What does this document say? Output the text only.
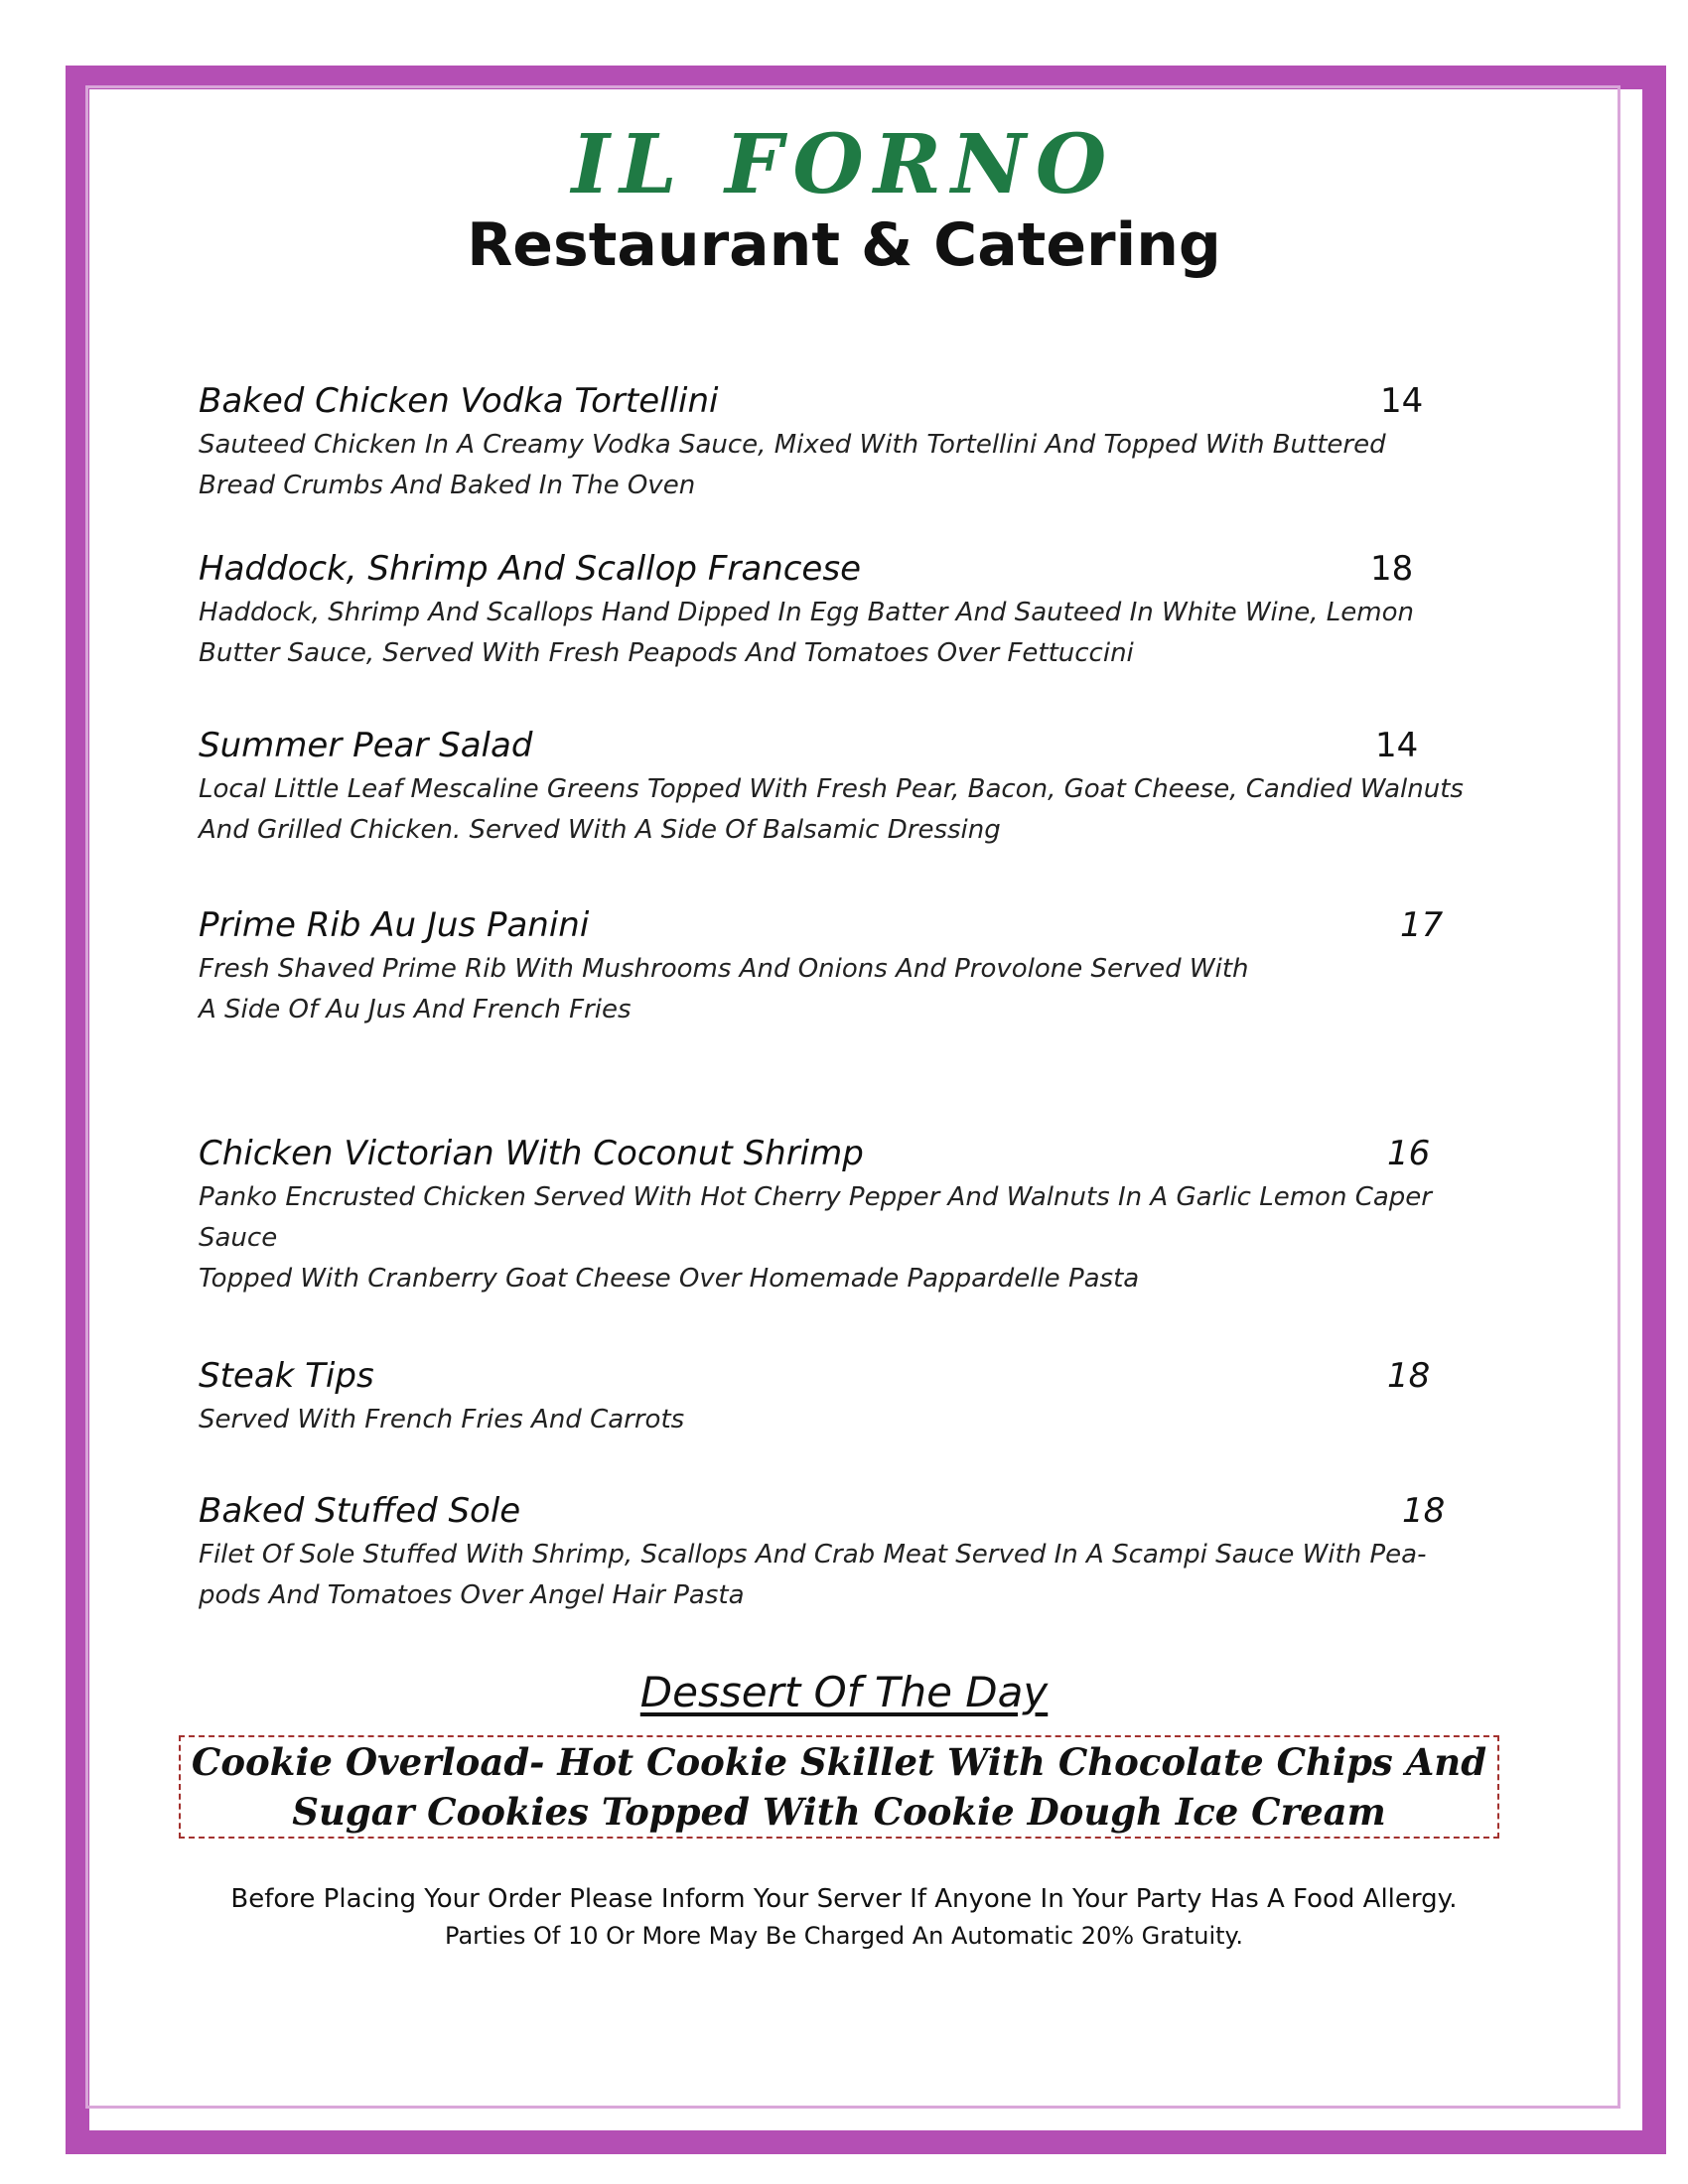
IL FORNO
Restaurant & Catering
Baked Chicken Vodka Tortellini	14
Sauteed Chicken In A Creamy Vodka Sauce, Mixed With Tortellini And Topped With Buttered
Bread Crumbs And Baked In The Oven
Haddock, Shrimp And Scallop Francese	18
Haddock, Shrimp And Scallops Hand Dipped In Egg Batter And Sauteed In White Wine, Lemon
Butter Sauce, Served With Fresh Peapods And Tomatoes Over Fettuccini
Summer Pear Salad	14
Local Little Leaf Mescaline Greens Topped With Fresh Pear, Bacon, Goat Cheese, Candied Walnuts
And Grilled Chicken. Served With A Side Of Balsamic Dressing
Prime Rib Au Jus Panini	17
Fresh Shaved Prime Rib With Mushrooms And Onions And Provolone Served With
A Side Of Au Jus And French Fries
Chicken Victorian With Coconut Shrimp	16
Panko Encrusted Chicken Served With Hot Cherry Pepper And Walnuts In A Garlic Lemon Caper
Sauce
Topped With Cranberry Goat Cheese Over Homemade Pappardelle Pasta
Steak Tips	18
Served With French Fries And Carrots
Baked Stuffed Sole	18
Filet Of Sole Stuffed With Shrimp, Scallops And Crab Meat Served In A Scampi Sauce With Pea-
pods And Tomatoes Over Angel Hair Pasta
Dessert Of The Day
Cookie Overload- Hot Cookie Skillet With Chocolate Chips And Sugar Cookies Topped With Cookie Dough Ice Cream
Before Placing Your Order Please Inform Your Server If Anyone In Your Party Has A Food Allergy.
Parties Of 10 Or More May Be Charged An Automatic 20% Gratuity.
